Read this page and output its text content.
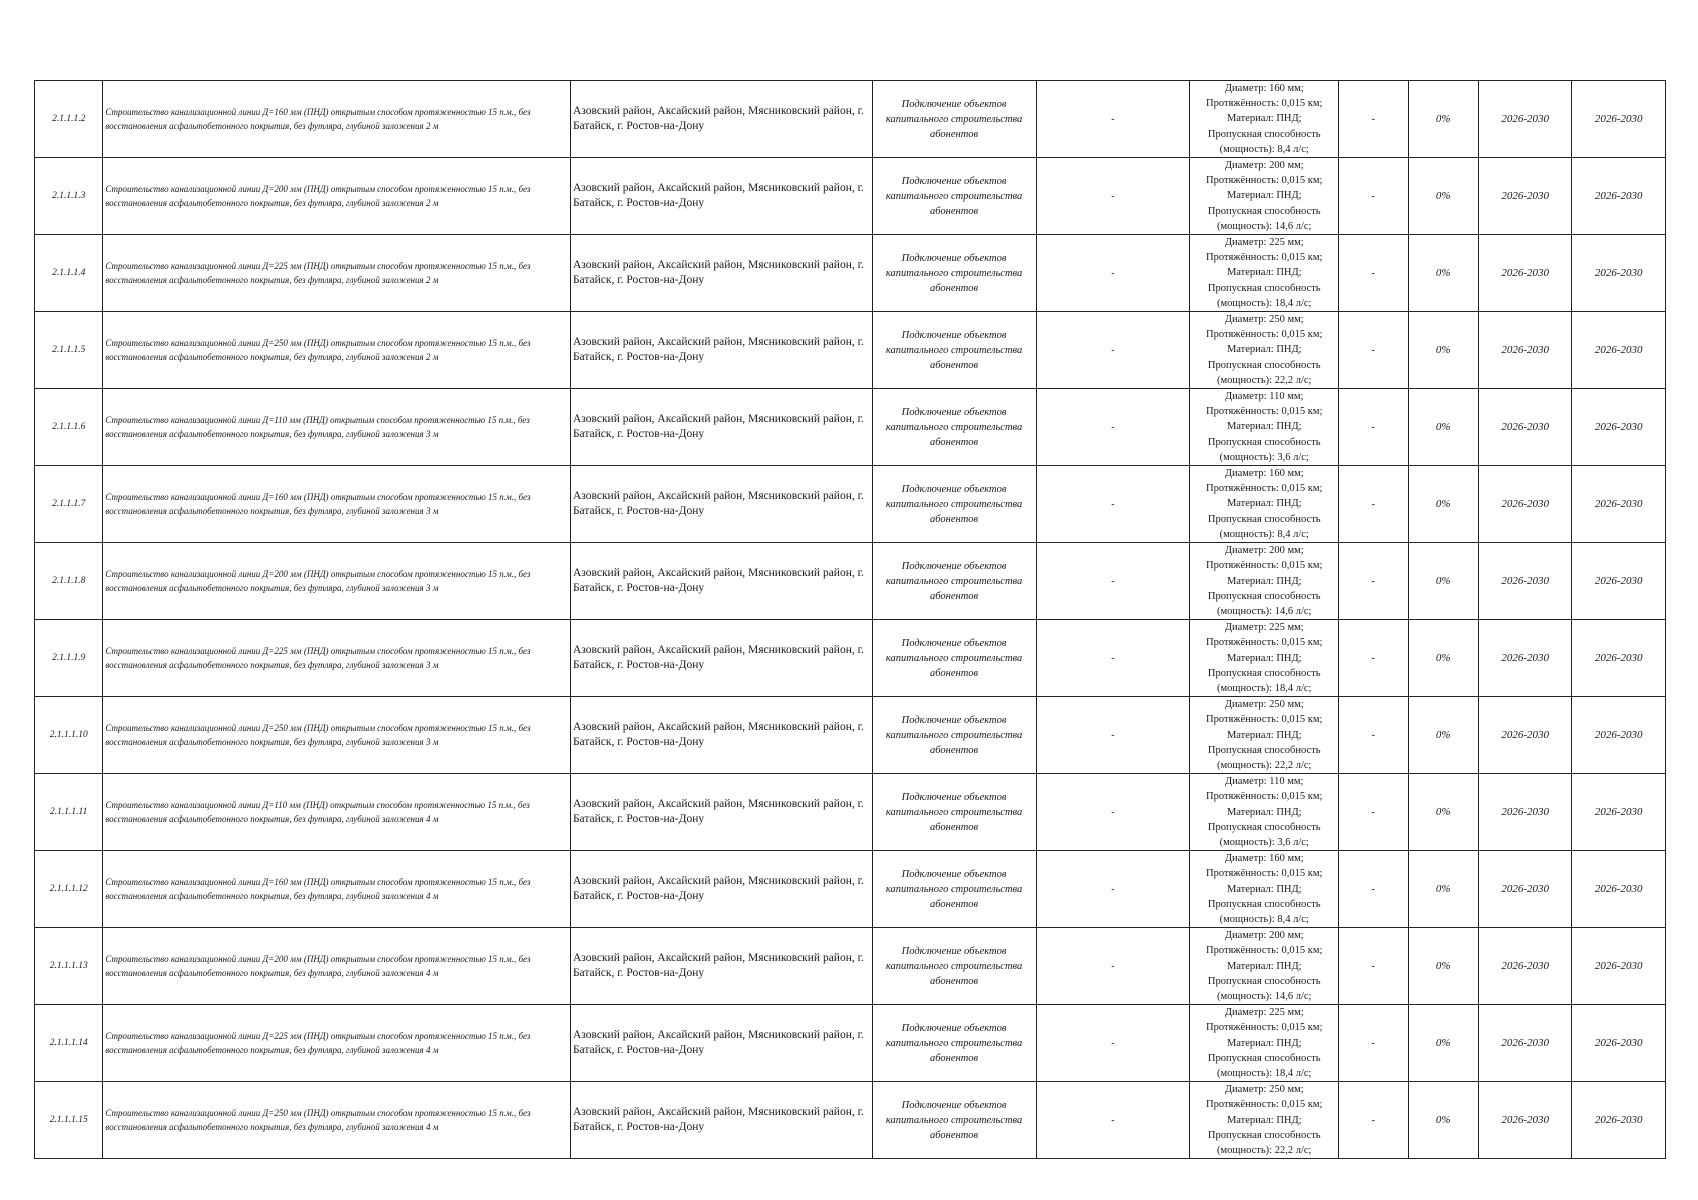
2.1.1.1.2	Строительство канализационной линии Д=160 мм (ПНД) открытым способом протяженностью 15 п.м., без восстановления асфальтобетонного покрытия, без футляра, глубиной заложения 2 м	Азовский район, Аксайский район, Мясниковский район, г. Батайск, г. Ростов-на-Дону	Подключение объектов капитального строительства абонентов	-	Диаметр: 160 мм;
Протяжённость: 0,015 км;
Материал: ПНД;
Пропускная способность
(мощность): 8,4 л/с;	-	0%	2026-2030	2026-2030
2.1.1.1.3	Строительство канализационной линии Д=200 мм (ПНД) открытым способом протяженностью 15 п.м., без восстановления асфальтобетонного покрытия, без футляра, глубиной заложения 2 м	Азовский район, Аксайский район, Мясниковский район, г. Батайск, г. Ростов-на-Дону	Подключение объектов капитального строительства абонентов	-	Диаметр: 200 мм;
Протяжённость: 0,015 км;
Материал: ПНД;
Пропускная способность
(мощность): 14,6 л/с;	-	0%	2026-2030	2026-2030
2.1.1.1.4	Строительство канализационной линии Д=225 мм (ПНД) открытым способом протяженностью 15 п.м., без восстановления асфальтобетонного покрытия, без футляра, глубиной заложения 2 м	Азовский район, Аксайский район, Мясниковский район, г. Батайск, г. Ростов-на-Дону	Подключение объектов капитального строительства абонентов	-	Диаметр: 225 мм;
Протяжённость: 0,015 км;
Материал: ПНД;
Пропускная способность
(мощность): 18,4 л/с;	-	0%	2026-2030	2026-2030
2.1.1.1.5	Строительство канализационной линии Д=250 мм (ПНД) открытым способом протяженностью 15 п.м., без восстановления асфальтобетонного покрытия, без футляра, глубиной заложения 2 м	Азовский район, Аксайский район, Мясниковский район, г. Батайск, г. Ростов-на-Дону	Подключение объектов капитального строительства абонентов	-	Диаметр: 250 мм;
Протяжённость: 0,015 км;
Материал: ПНД;
Пропускная способность
(мощность): 22,2 л/с;	-	0%	2026-2030	2026-2030
2.1.1.1.6	Строительство канализационной линии Д=110 мм (ПНД) открытым способом протяженностью 15 п.м., без восстановления асфальтобетонного покрытия, без футляра, глубиной заложения 3 м	Азовский район, Аксайский район, Мясниковский район, г. Батайск, г. Ростов-на-Дону	Подключение объектов капитального строительства абонентов	-	Диаметр: 110 мм;
Протяжённость: 0,015 км;
Материал: ПНД;
Пропускная способность
(мощность): 3,6 л/с;	-	0%	2026-2030	2026-2030
2.1.1.1.7	Строительство канализационной линии Д=160 мм (ПНД) открытым способом протяженностью 15 п.м., без восстановления асфальтобетонного покрытия, без футляра, глубиной заложения 3 м	Азовский район, Аксайский район, Мясниковский район, г. Батайск, г. Ростов-на-Дону	Подключение объектов капитального строительства абонентов	-	Диаметр: 160 мм;
Протяжённость: 0,015 км;
Материал: ПНД;
Пропускная способность
(мощность): 8,4 л/с;	-	0%	2026-2030	2026-2030
2.1.1.1.8	Строительство канализационной линии Д=200 мм (ПНД) открытым способом протяженностью 15 п.м., без восстановления асфальтобетонного покрытия, без футляра, глубиной заложения 3 м	Азовский район, Аксайский район, Мясниковский район, г. Батайск, г. Ростов-на-Дону	Подключение объектов капитального строительства абонентов	-	Диаметр: 200 мм;
Протяжённость: 0,015 км;
Материал: ПНД;
Пропускная способность
(мощность): 14,6 л/с;	-	0%	2026-2030	2026-2030
2.1.1.1.9	Строительство канализационной линии Д=225 мм (ПНД) открытым способом протяженностью 15 п.м., без восстановления асфальтобетонного покрытия, без футляра, глубиной заложения 3 м	Азовский район, Аксайский район, Мясниковский район, г. Батайск, г. Ростов-на-Дону	Подключение объектов капитального строительства абонентов	-	Диаметр: 225 мм;
Протяжённость: 0,015 км;
Материал: ПНД;
Пропускная способность
(мощность): 18,4 л/с;	-	0%	2026-2030	2026-2030
2.1.1.1.10	Строительство канализационной линии Д=250 мм (ПНД) открытым способом протяженностью 15 п.м., без восстановления асфальтобетонного покрытия, без футляра, глубиной заложения 3 м	Азовский район, Аксайский район, Мясниковский район, г. Батайск, г. Ростов-на-Дону	Подключение объектов капитального строительства абонентов	-	Диаметр: 250 мм;
Протяжённость: 0,015 км;
Материал: ПНД;
Пропускная способность
(мощность): 22,2 л/с;	-	0%	2026-2030	2026-2030
2.1.1.1.11	Строительство канализационной линии Д=110 мм (ПНД) открытым способом протяженностью 15 п.м., без восстановления асфальтобетонного покрытия, без футляра, глубиной заложения 4 м	Азовский район, Аксайский район, Мясниковский район, г. Батайск, г. Ростов-на-Дону	Подключение объектов капитального строительства абонентов	-	Диаметр: 110 мм;
Протяжённость: 0,015 км;
Материал: ПНД;
Пропускная способность
(мощность): 3,6 л/с;	-	0%	2026-2030	2026-2030
2.1.1.1.12	Строительство канализационной линии Д=160 мм (ПНД) открытым способом протяженностью 15 п.м., без восстановления асфальтобетонного покрытия, без футляра, глубиной заложения 4 м	Азовский район, Аксайский район, Мясниковский район, г. Батайск, г. Ростов-на-Дону	Подключение объектов капитального строительства абонентов	-	Диаметр: 160 мм;
Протяжённость: 0,015 км;
Материал: ПНД;
Пропускная способность
(мощность): 8,4 л/с;	-	0%	2026-2030	2026-2030
2.1.1.1.13	Строительство канализационной линии Д=200 мм (ПНД) открытым способом протяженностью 15 п.м., без восстановления асфальтобетонного покрытия, без футляра, глубиной заложения 4 м	Азовский район, Аксайский район, Мясниковский район, г. Батайск, г. Ростов-на-Дону	Подключение объектов капитального строительства абонентов	-	Диаметр: 200 мм;
Протяжённость: 0,015 км;
Материал: ПНД;
Пропускная способность
(мощность): 14,6 л/с;	-	0%	2026-2030	2026-2030
2.1.1.1.14	Строительство канализационной линии Д=225 мм (ПНД) открытым способом протяженностью 15 п.м., без восстановления асфальтобетонного покрытия, без футляра, глубиной заложения 4 м	Азовский район, Аксайский район, Мясниковский район, г. Батайск, г. Ростов-на-Дону	Подключение объектов капитального строительства абонентов	-	Диаметр: 225 мм;
Протяжённость: 0,015 км;
Материал: ПНД;
Пропускная способность
(мощность): 18,4 л/с;	-	0%	2026-2030	2026-2030
2.1.1.1.15	Строительство канализационной линии Д=250 мм (ПНД) открытым способом протяженностью 15 п.м., без восстановления асфальтобетонного покрытия, без футляра, глубиной заложения 4 м	Азовский район, Аксайский район, Мясниковский район, г. Батайск, г. Ростов-на-Дону	Подключение объектов капитального строительства абонентов	-	Диаметр: 250 мм;
Протяжённость: 0,015 км;
Материал: ПНД;
Пропускная способность
(мощность): 22,2 л/с;	-	0%	2026-2030	2026-2030
